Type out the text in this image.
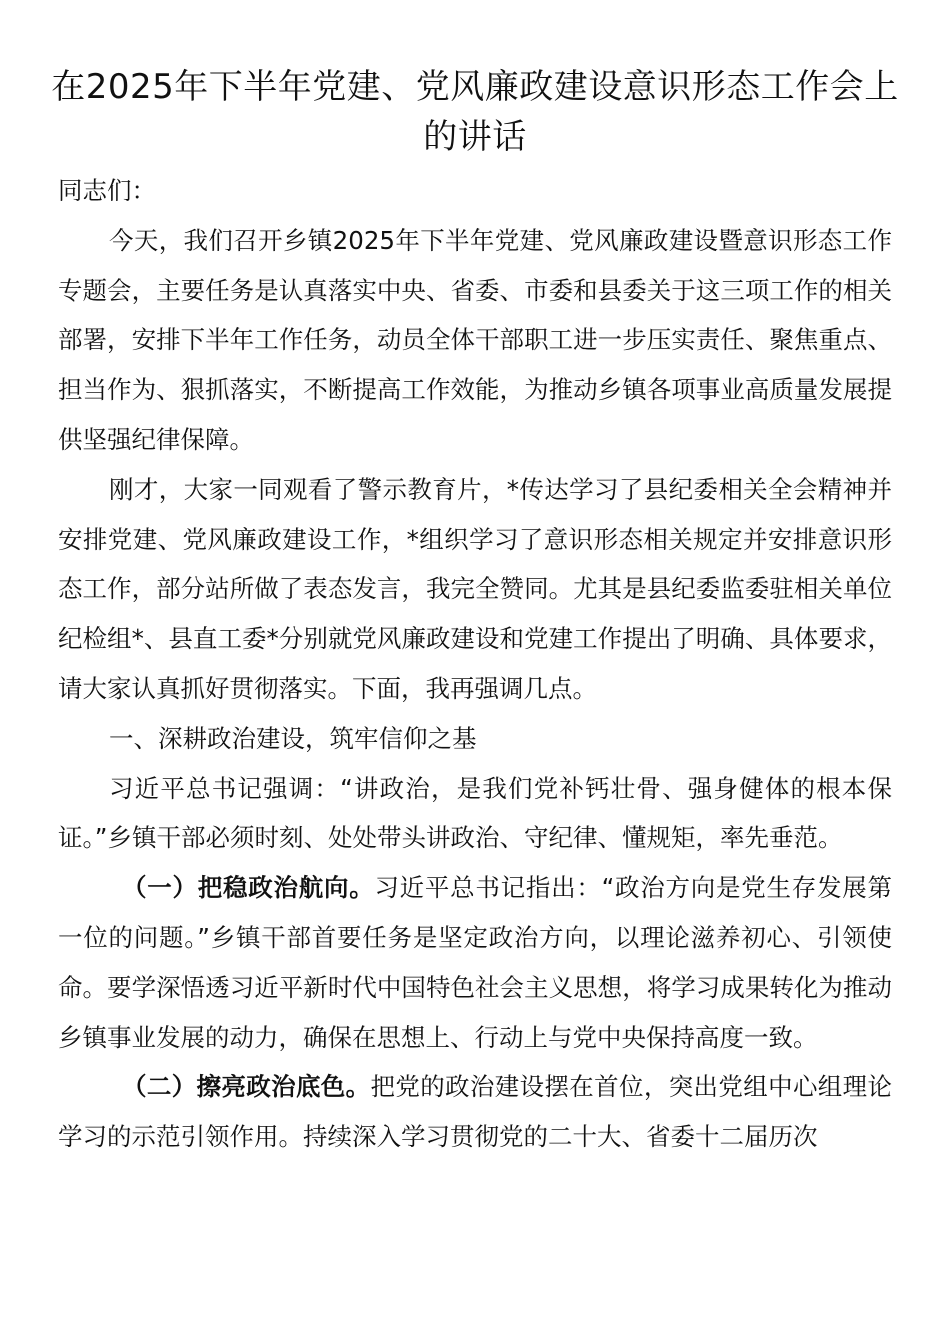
在2025年下半年党建、党风廉政建设意识形态工作会上的讲话

同志们：

今天，我们召开乡镇2025年下半年党建、党风廉政建设暨意识形态工作专题会，主要任务是认真落实中央、省委、市委和县委关于这三项工作的相关部署，安排下半年工作任务，动员全体干部职工进一步压实责任、聚焦重点、担当作为、狠抓落实，不断提高工作效能，为推动乡镇各项事业高质量发展提供坚强纪律保障。

刚才，大家一同观看了警示教育片，*传达学习了县纪委相关全会精神并安排党建、党风廉政建设工作，*组织学习了意识形态相关规定并安排意识形态工作，部分站所做了表态发言，我完全赞同。尤其是县纪委监委驻相关单位纪检组*、县直工委*分别就党风廉政建设和党建工作提出了明确、具体要求，请大家认真抓好贯彻落实。下面，我再强调几点。

一、深耕政治建设，筑牢信仰之基

习近平总书记强调：“讲政治，是我们党补钙壮骨、强身健体的根本保证。”乡镇干部必须时刻、处处带头讲政治、守纪律、懂规矩，率先垂范。

（一）把稳政治航向。习近平总书记指出：“政治方向是党生存发展第一位的问题。”乡镇干部首要任务是坚定政治方向，以理论滋养初心、引领使命。要学深悟透习近平新时代中国特色社会主义思想，将学习成果转化为推动乡镇事业发展的动力，确保在思想上、行动上与党中央保持高度一致。

（二）擦亮政治底色。把党的政治建设摆在首位，突出党组中心组理论学习的示范引领作用。持续深入学习贯彻党的二十大、省委十二届历次
